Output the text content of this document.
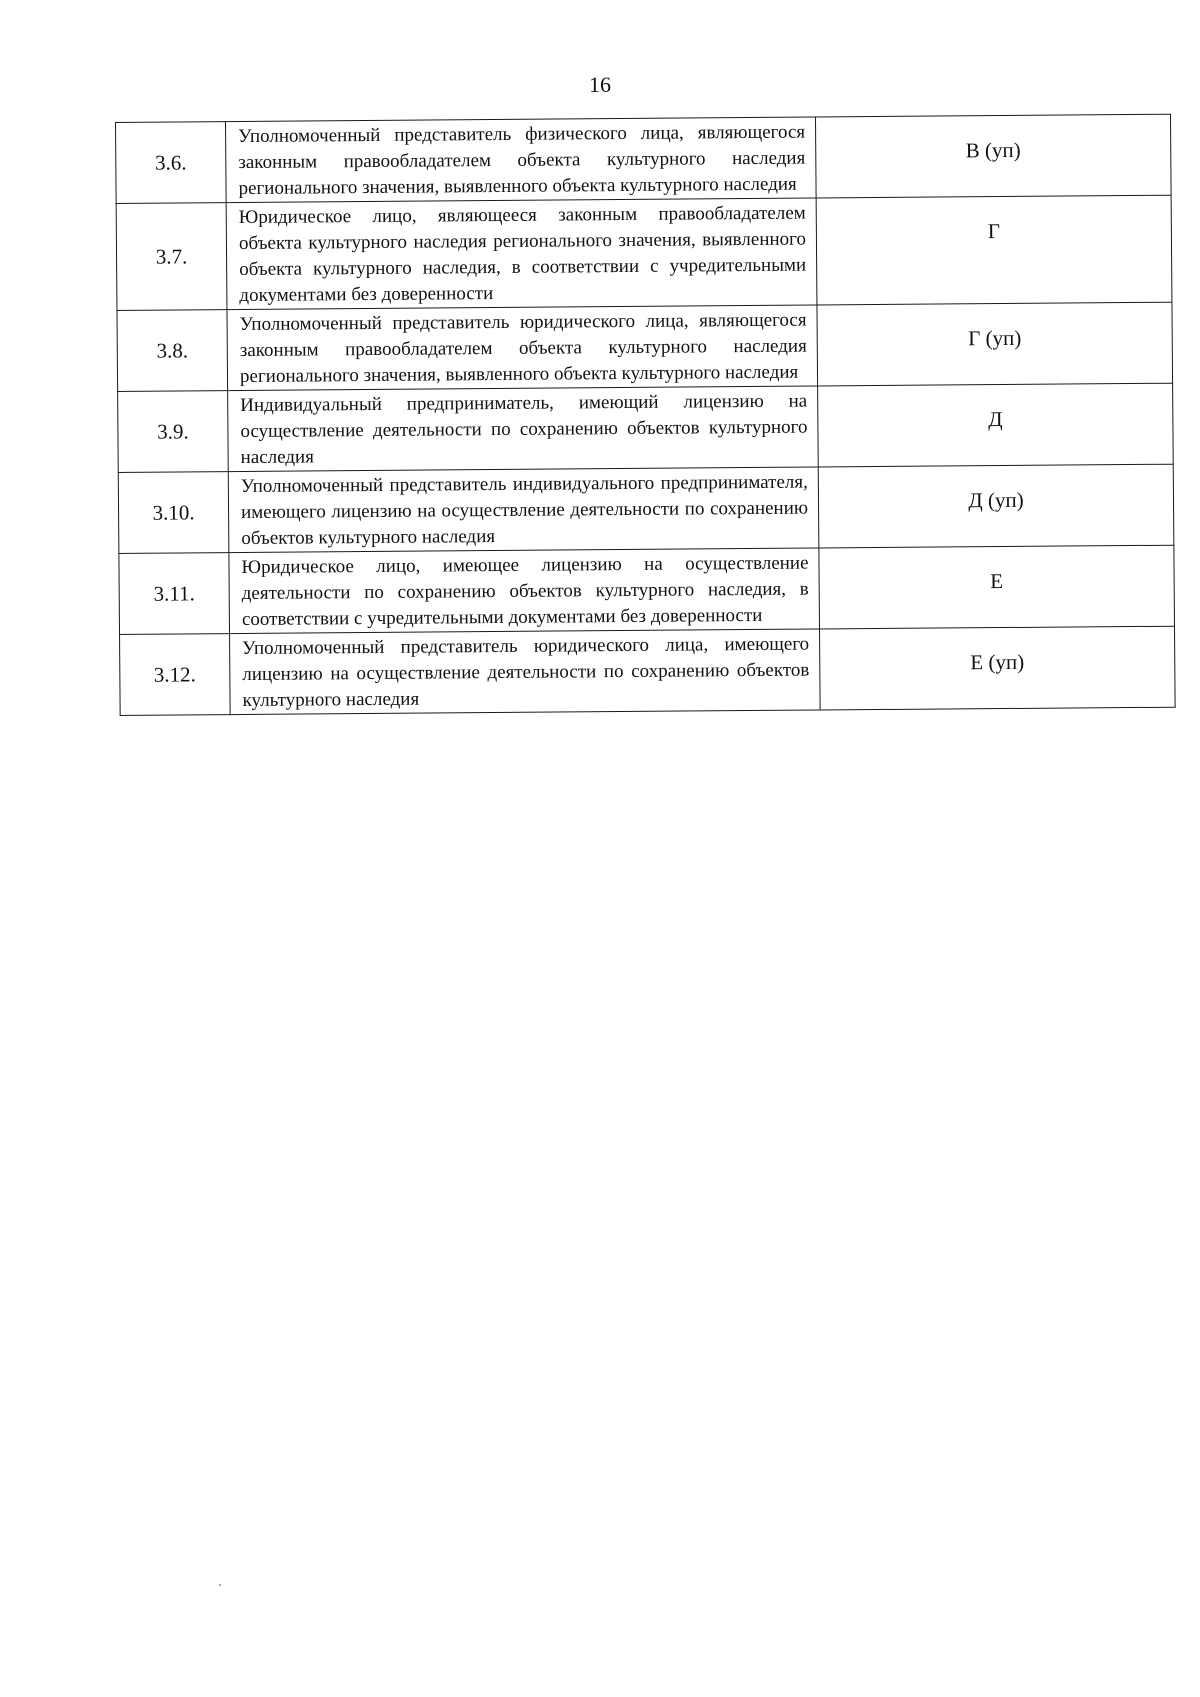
16
3.6.	Уполномоченный представитель физического лица, являющегося законным правообладателем объекта культурного наследия регионального значения, выявленного объекта культурного наследия	В (уп)
3.7.	Юридическое лицо, являющееся законным правообладателем объекта культурного наследия регионального значения, выявленного объекта культурного наследия, в соответствии с учредительными документами без доверенности	Г
3.8.	Уполномоченный представитель юридического лица, являющегося законным правообладателем объекта культурного наследия регионального значения, выявленного объекта культурного наследия	Г (уп)
3.9.	Индивидуальный предприниматель, имеющий лицензию на осуществление деятельности по сохранению объектов культурного наследия	Д
3.10.	Уполномоченный представитель индивидуального предпринимателя, имеющего лицензию на осуществление деятельности по сохранению объектов культурного наследия	Д (уп)
3.11.	Юридическое лицо, имеющее лицензию на осуществление деятельности по сохранению объектов культурного наследия, в соответствии с учредительными документами без доверенности	Е
3.12.	Уполномоченный представитель юридического лица, имеющего лицензию на осуществление деятельности по сохранению объектов культурного наследия	Е (уп)
